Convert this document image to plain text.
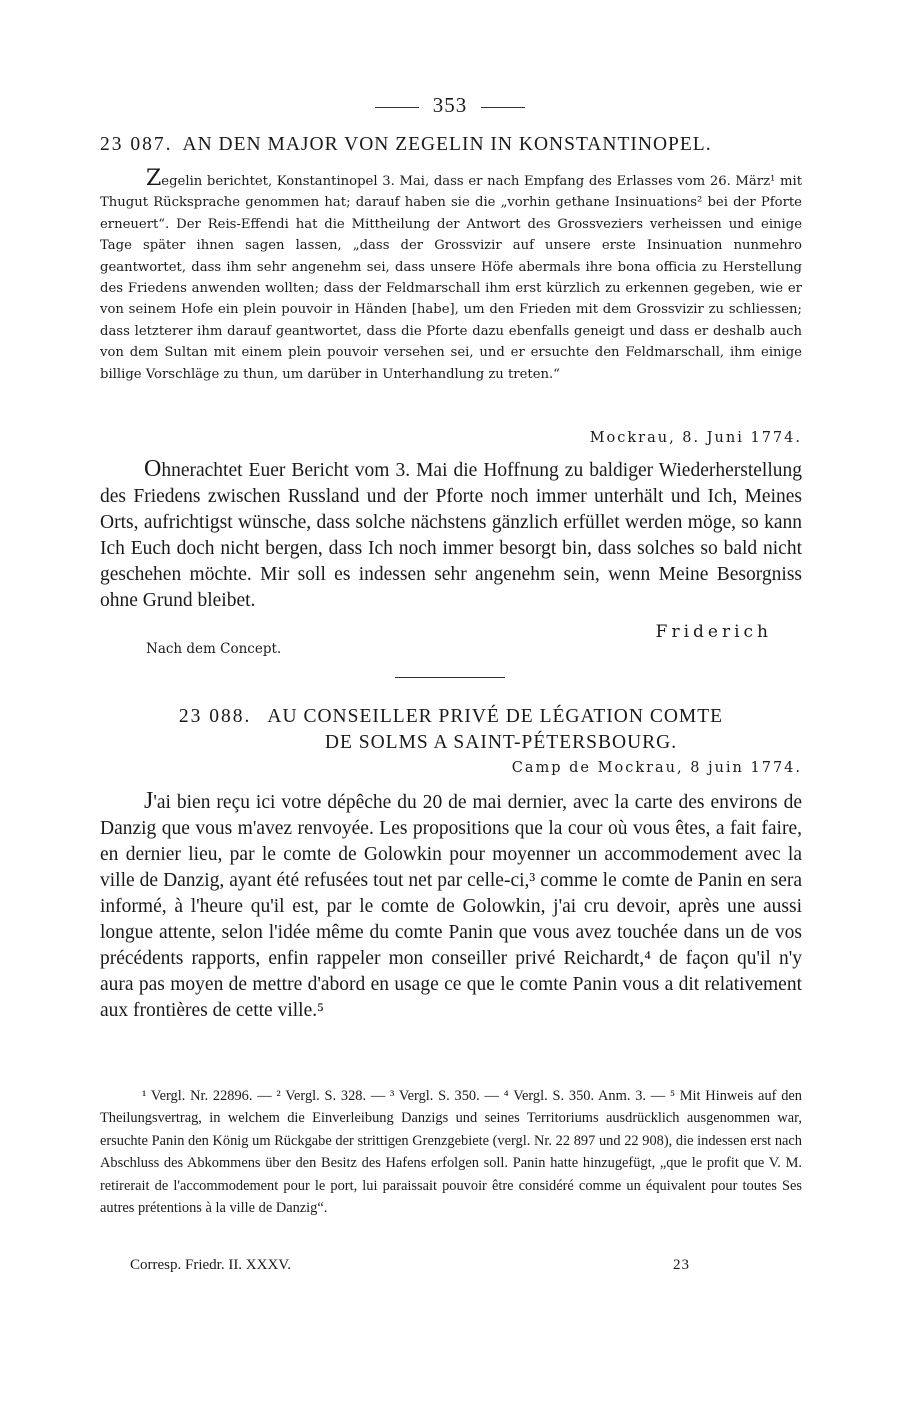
353
23 087. AN DEN MAJOR VON ZEGELIN IN KONSTANTINOPEL.
Zegelin berichtet, Konstantinopel 3. Mai, dass er nach Empfang des Erlasses vom 26. März¹ mit Thugut Rücksprache genommen hat; darauf haben sie die „vorhin gethane Insinuations² bei der Pforte erneuert“. Der Reis-Effendi hat die Mittheilung der Antwort des Grossveziers verheissen und einige Tage später ihnen sagen lassen, „dass der Grossvizir auf unsere erste Insinuation nunmehro geantwortet, dass ihm sehr angenehm sei, dass unsere Höfe abermals ihre bona officia zu Herstellung des Friedens anwenden wollten; dass der Feldmarschall ihm erst kürzlich zu erkennen gegeben, wie er von seinem Hofe ein plein pouvoir in Händen [habe], um den Frieden mit dem Grossvizir zu schliessen; dass letzterer ihm darauf geantwortet, dass die Pforte dazu ebenfalls geneigt und dass er deshalb auch von dem Sultan mit einem plein pouvoir versehen sei, und er ersuchte den Feldmarschall, ihm einige billige Vorschläge zu thun, um darüber in Unterhandlung zu treten.“
Mockrau, 8. Juni 1774.
Ohnerachtet Euer Bericht vom 3. Mai die Hoffnung zu baldiger Wiederherstellung des Friedens zwischen Russland und der Pforte noch immer unterhält und Ich, Meines Orts, aufrichtigst wünsche, dass solche nächstens gänzlich erfüllet werden möge, so kann Ich Euch doch nicht bergen, dass Ich noch immer besorgt bin, dass solches so bald nicht geschehen möchte. Mir soll es indessen sehr angenehm sein, wenn Meine Besorgniss ohne Grund bleibet.
Friderich
Nach dem Concept.
23 088. AU CONSEILLER PRIVÉ DE LÉGATION COMTE
DE SOLMS A SAINT-PÉTERSBOURG.
Camp de Mockrau, 8 juin 1774.
J'ai bien reçu ici votre dépêche du 20 de mai dernier, avec la carte des environs de Danzig que vous m'avez renvoyée. Les propositions que la cour où vous êtes, a fait faire, en dernier lieu, par le comte de Golowkin pour moyenner un accommodement avec la ville de Danzig, ayant été refusées tout net par celle-ci,³ comme le comte de Panin en sera informé, à l'heure qu'il est, par le comte de Golowkin, j'ai cru devoir, après une aussi longue attente, selon l'idée même du comte Panin que vous avez touchée dans un de vos précédents rapports, enfin rappeler mon conseiller privé Reichardt,⁴ de façon qu'il n'y aura pas moyen de mettre d'abord en usage ce que le comte Panin vous a dit relativement aux frontières de cette ville.⁵
¹ Vergl. Nr. 22896. — ² Vergl. S. 328. — ³ Vergl. S. 350. — ⁴ Vergl. S. 350. Anm. 3. — ⁵ Mit Hinweis auf den Theilungsvertrag, in welchem die Einverleibung Danzigs und seines Territoriums ausdrücklich ausgenommen war, ersuchte Panin den König um Rückgabe der strittigen Grenzgebiete (vergl. Nr. 22 897 und 22 908), die indessen erst nach Abschluss des Abkommens über den Besitz des Hafens erfolgen soll. Panin hatte hinzugefügt, „que le profit que V. M. retirerait de l'accommodement pour le port, lui paraissait pouvoir être considéré comme un équivalent pour toutes Ses autres prétentions à la ville de Danzig“.
Corresp. Friedr. II. XXXV.	23
